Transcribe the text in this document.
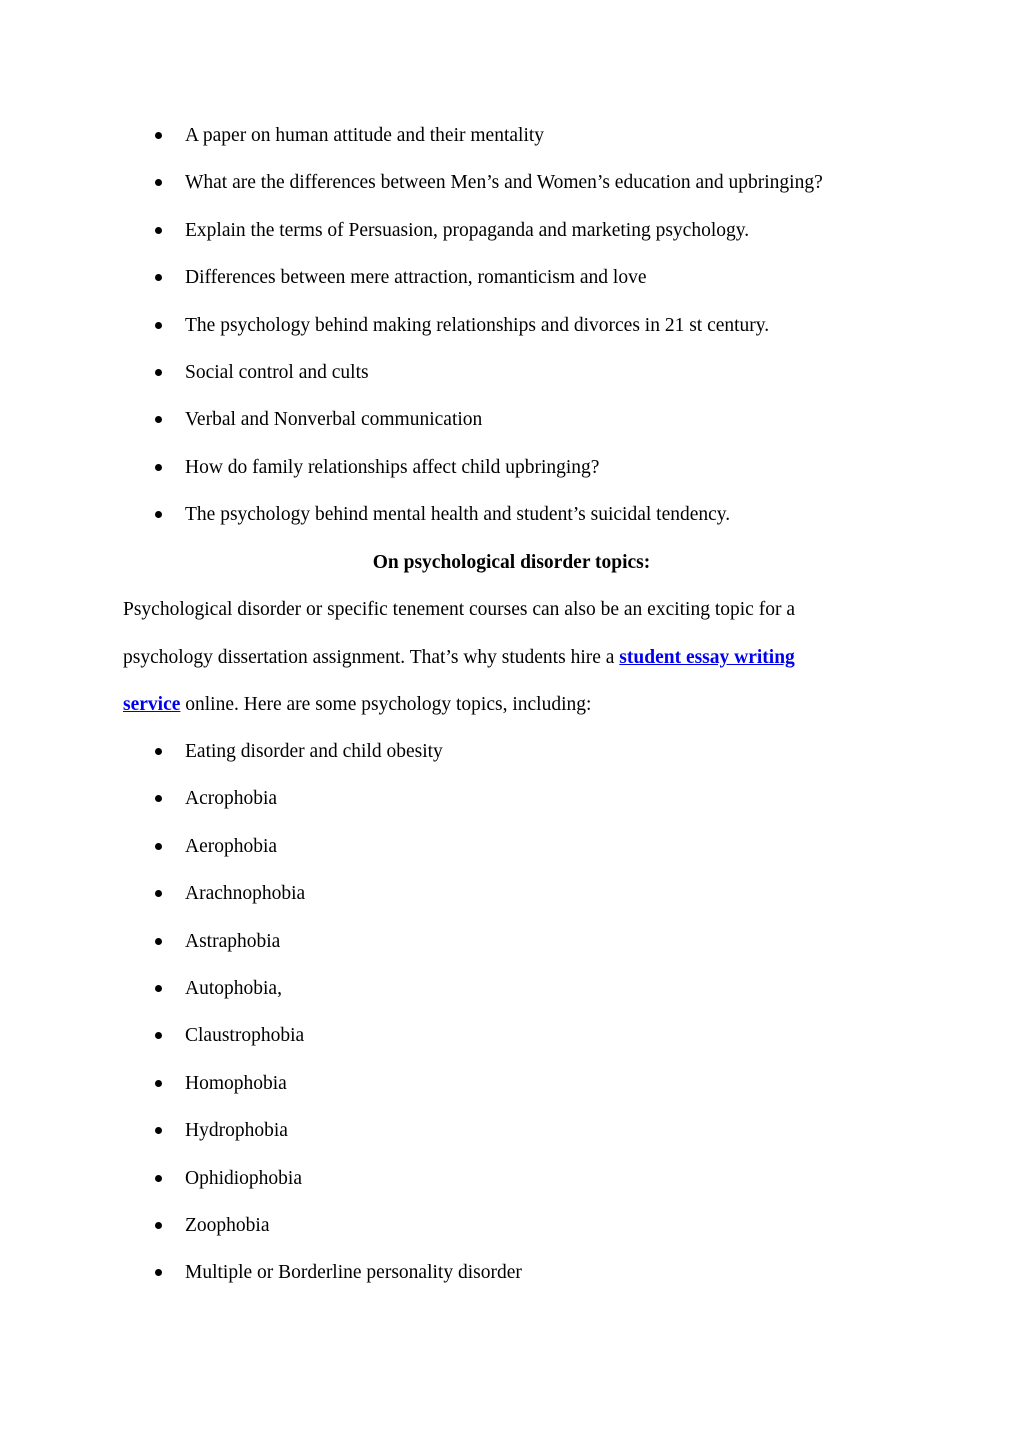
A paper on human attitude and their mentality
What are the differences between Men’s and Women’s education and upbringing?
Explain the terms of Persuasion, propaganda and marketing psychology.
Differences between mere attraction, romanticism and love
The psychology behind making relationships and divorces in 21 st century.
Social control and cults
Verbal and Nonverbal communication
How do family relationships affect child upbringing?
The psychology behind mental health and student’s suicidal tendency.
On psychological disorder topics:
Psychological disorder or specific tenement courses can also be an exciting topic for a
psychology dissertation assignment. That’s why students hire a student essay writing
service online. Here are some psychology topics, including:
Eating disorder and child obesity
Acrophobia
Aerophobia
Arachnophobia
Astraphobia
Autophobia,
Claustrophobia
Homophobia
Hydrophobia
Ophidiophobia
Zoophobia
Multiple or Borderline personality disorder
